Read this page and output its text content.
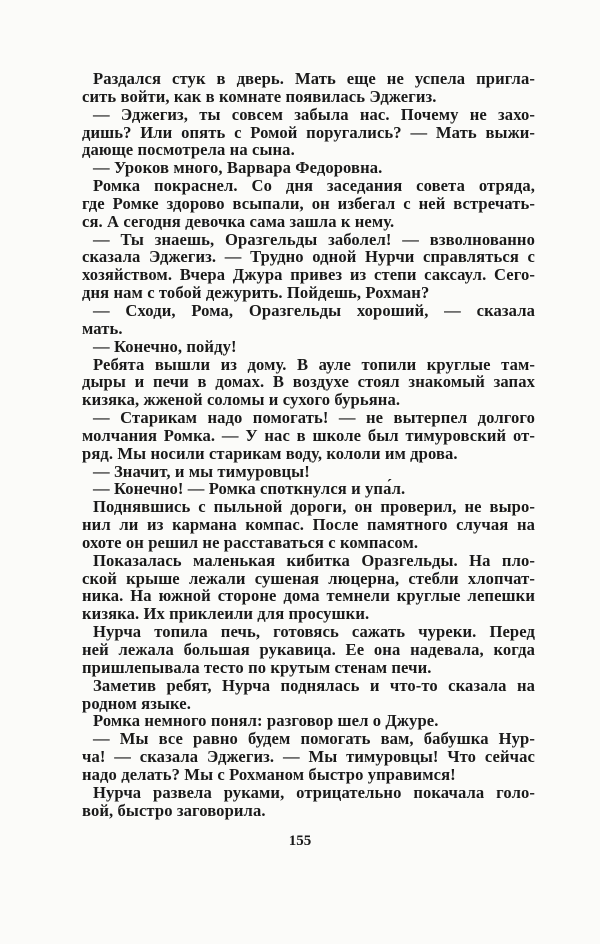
Раздался стук в дверь. Мать еще не успела пригла-
сить войти, как в комнате появилась Эджегиз.
— Эджегиз, ты совсем забыла нас. Почему не захо-
дишь? Или опять с Ромой поругались? — Мать выжи-
дающе посмотрела на сына.
— Уроков много, Варвара Федоровна.
Ромка покраснел. Со дня заседания совета отряда,
где Ромке здорово всыпали, он избегал с ней встречать-
ся. А сегодня девочка сама зашла к нему.
— Ты знаешь, Оразгельды заболел! — взволнованно
сказала Эджегиз. — Трудно одной Нурчи справляться с
хозяйством. Вчера Джура привез из степи саксаул. Сего-
дня нам с тобой дежурить. Пойдешь, Рохман?
— Сходи, Рома, Оразгельды хороший, — сказала
мать.
— Конечно, пойду!
Ребята вышли из дому. В ауле топили круглые там-
дыры и печи в домах. В воздухе стоял знакомый запах
кизяка, жженой соломы и сухого бурьяна.
— Старикам надо помогать! — не вытерпел долгого
молчания Ромка. — У нас в школе был тимуровский от-
ряд. Мы носили старикам воду, кололи им дрова.
— Значит, и мы тимуровцы!
— Конечно! — Ромка споткнулся и упа́л.
Поднявшись с пыльной дороги, он проверил, не выро-
нил ли из кармана компас. После памятного случая на
охоте он решил не расставаться с компасом.
Показалась маленькая кибитка Оразгельды. На пло-
ской крыше лежали сушеная люцерна, стебли хлопчат-
ника. На южной стороне дома темнели круглые лепешки
кизяка. Их приклеили для просушки.
Нурча топила печь, готовясь сажать чуреки. Перед
ней лежала большая рукавица. Ее она надевала, когда
пришлепывала тесто по крутым стенам печи.
Заметив ребят, Нурча поднялась и что-то сказала на
родном языке.
Ромка немного понял: разговор шел о Джуре.
— Мы все равно будем помогать вам, бабушка Нур-
ча! — сказала Эджегиз. — Мы тимуровцы! Что сейчас
надо делать? Мы с Рохманом быстро управимся!
Нурча развела руками, отрицательно покачала голо-
вой, быстро заговорила.
155
